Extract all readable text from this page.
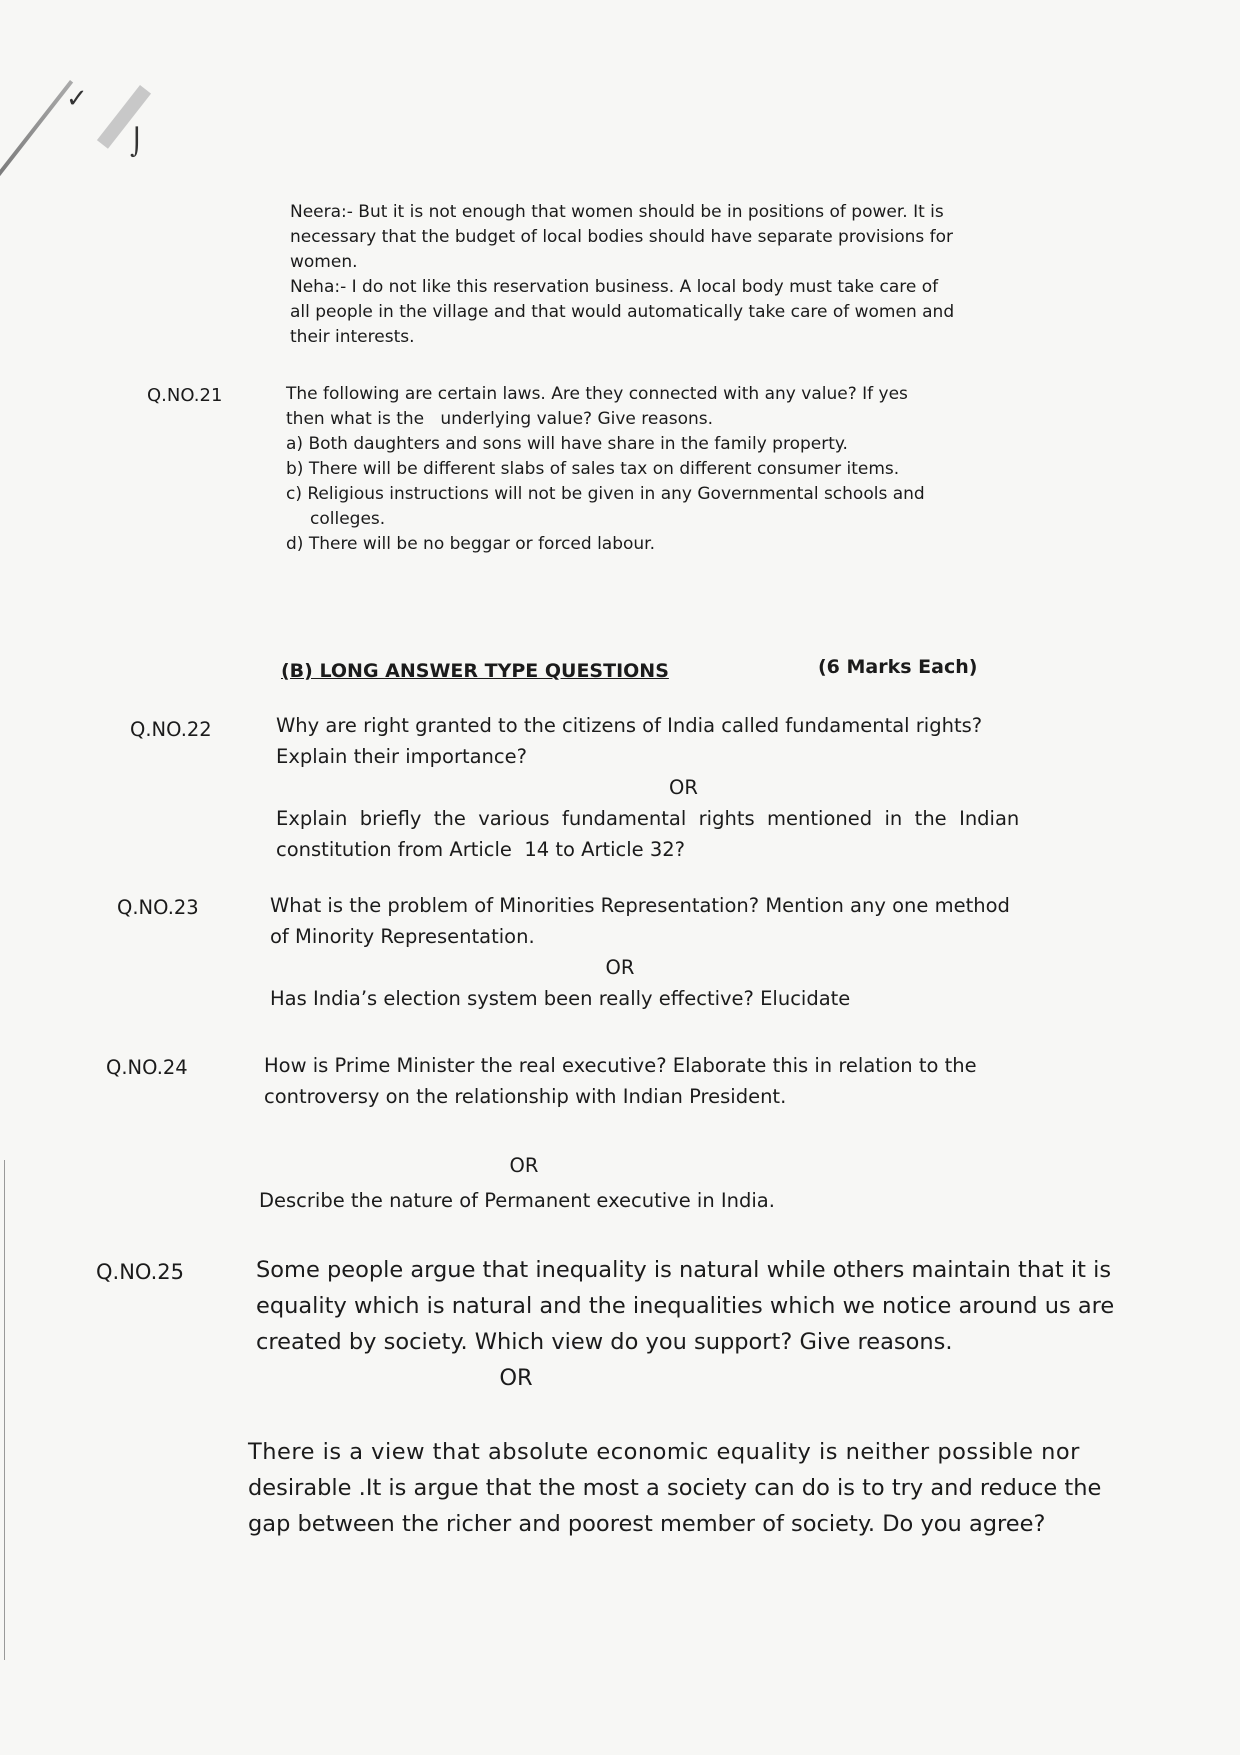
✓
⌡

Neera:- But it is not enough that women should be in positions of power. It is

necessary that the budget of local bodies should have separate provisions for

women.

Neha:- I do not like this reservation business. A local body must take care of

all people in the village and that would automatically take care of women and

their interests.

Q.NO.21	The following are certain laws. Are they connected with any value? If yes

then what is the   underlying value? Give reasons.

a) Both daughters and sons will have share in the family property.

b) There will be different slabs of sales tax on different consumer items.

c) Religious instructions will not be given in any Governmental schools and

colleges.

d) There will be no beggar or forced labour.

(B) LONG ANSWER TYPE QUESTIONS	(6 Marks Each)
Q.NO.22	Why are right granted to the citizens of India called fundamental rights?

Explain their importance?

OR

Explain  briefly  the  various  fundamental  rights  mentioned  in  the  Indian

constitution from Article  14 to Article 32?

Q.NO.23	What is the problem of Minorities Representation? Mention any one method

of Minority Representation.

OR

Has India’s election system been really effective? Elucidate

Q.NO.24	How is Prime Minister the real executive? Elaborate this in relation to the

controversy on the relationship with Indian President.

OR
Describe the nature of Permanent executive in India.
Q.NO.25	Some people argue that inequality is natural while others maintain that it is

equality which is natural and the inequalities which we notice around us are

created by society. Which view do you support? Give reasons.

OR

There is a view that absolute economic equality is neither possible nor

desirable .It is argue that the most a society can do is to try and reduce the

gap between the richer and poorest member of society. Do you agree?
